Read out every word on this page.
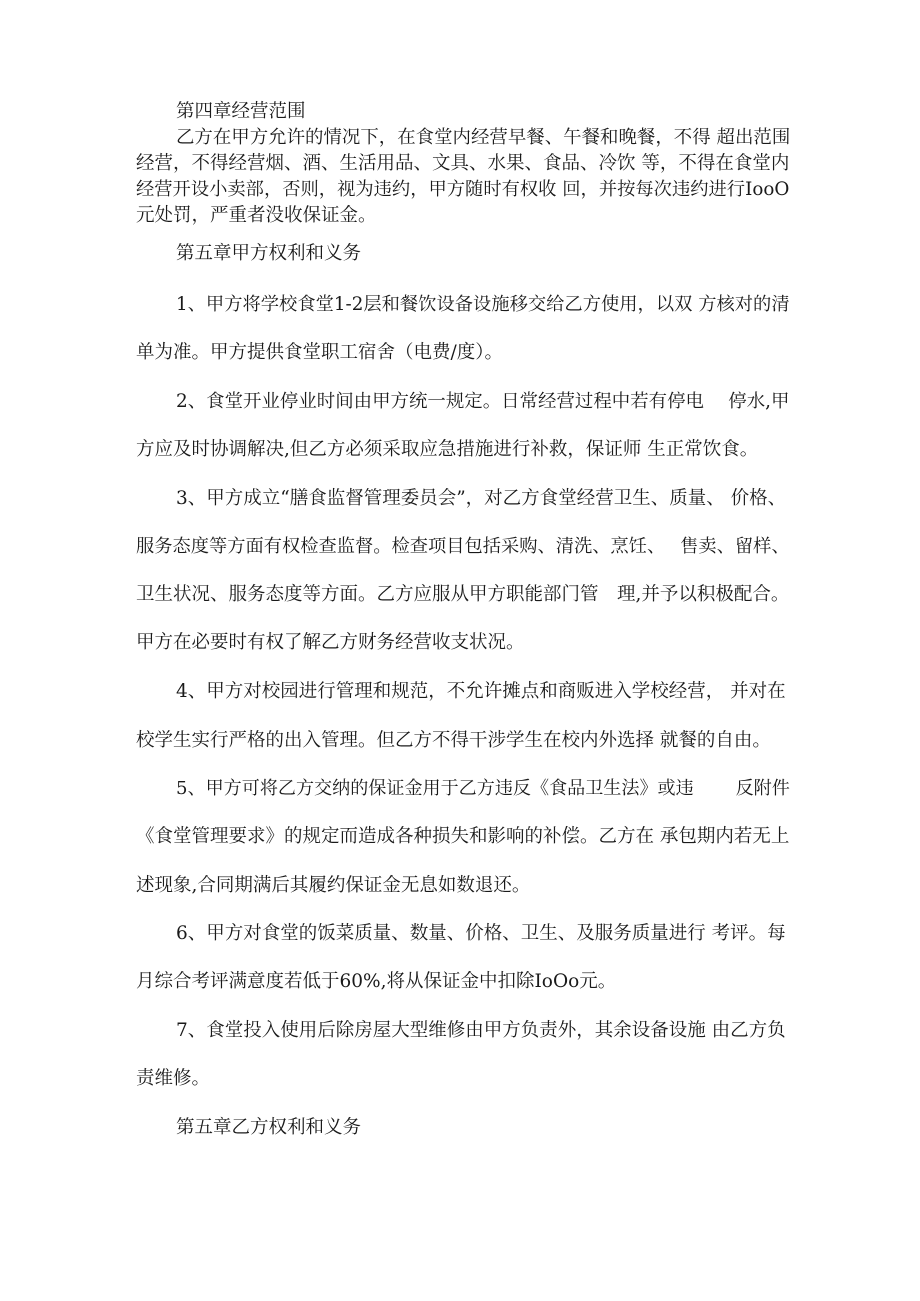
第四章经营范围

乙方在甲方允许的情况下，在食堂内经营早餐、午餐和晚餐，不得 超出范围

经营，不得经营烟、酒、生活用品、文具、水果、食品、冷饮 等，不得在食堂内

经营开设小卖部，否则，视为违约，甲方随时有权收 回，并按每次违约进行IooO

元处罚，严重者没收保证金。

第五章甲方权利和义务

1、甲方将学校食堂1-2层和餐饮设备设施移交给乙方使用，以双 方核对的清

单为准。甲方提供食堂职工宿舍（电费/度）。

2、食堂开业停业时间由甲方统一规定。日常经营过程中若有停电 　停水,甲

方应及时协调解决,但乙方必须采取应急措施进行补救，保证师 生正常饮食。

3、甲方成立“膳食监督管理委员会”，对乙方食堂经营卫生、质量、 价格、

服务态度等方面有权检查监督。检查项目包括采购、清洗、烹饪、　 售卖、留样、

卫生状况、服务态度等方面。乙方应服从甲方职能部门管　理,并予以积极配合。

甲方在必要时有权了解乙方财务经营收支状况。

4、甲方对校园进行管理和规范，不允许摊点和商贩进入学校经营， 并对在

校学生实行严格的出入管理。但乙方不得干涉学生在校内外选择 就餐的自由。

5、甲方可将乙方交纳的保证金用于乙方违反《食品卫生法》或违　　 反附件

《食堂管理要求》的规定而造成各种损失和影响的补偿。乙方在 承包期内若无上

述现象,合同期满后其履约保证金无息如数退还。

6、甲方对食堂的饭菜质量、数量、价格、卫生、及服务质量进行 考评。每

月综合考评满意度若低于60%,将从保证金中扣除IoOo元。

7、食堂投入使用后除房屋大型维修由甲方负责外，其余设备设施 由乙方负

责维修。

第五章乙方权利和义务
